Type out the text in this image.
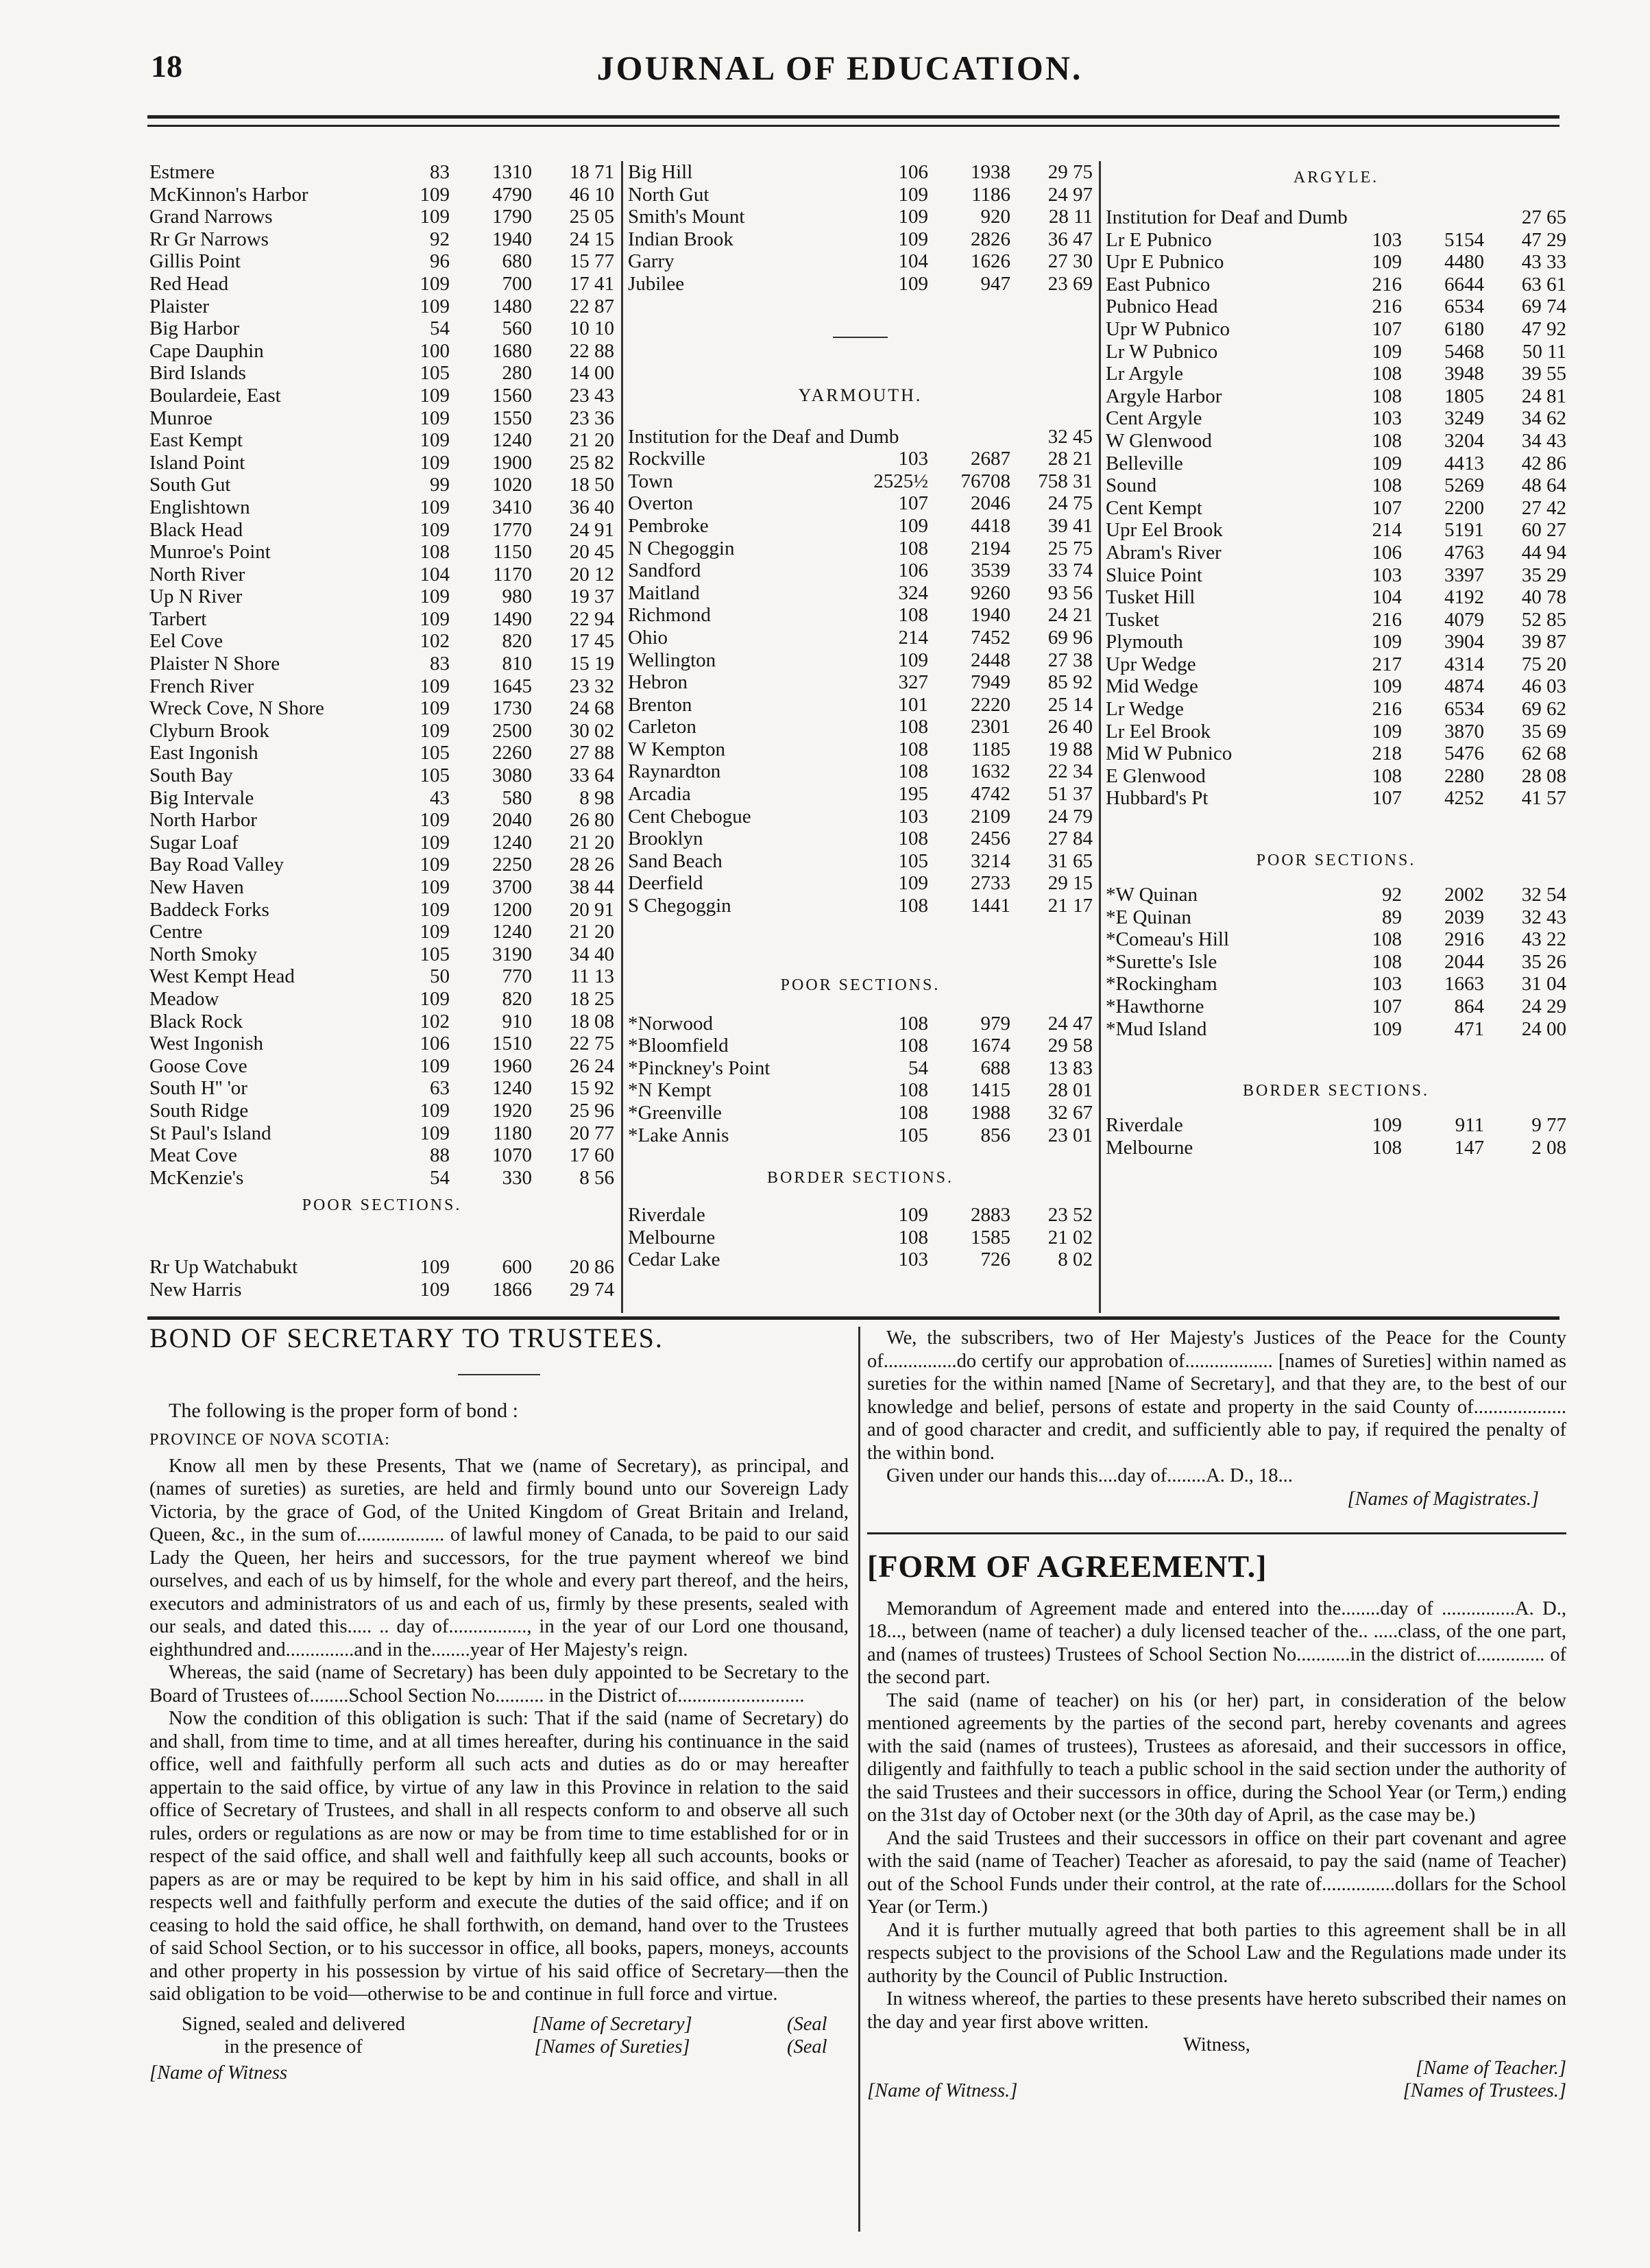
18	JOURNAL OF EDUCATION.
Estmere	83	1310	18 71
McKinnon's Harbor	109	4790	46 10
Grand Narrows	109	1790	25 05
Rr Gr Narrows	92	1940	24 15
Gillis Point	96	680	15 77
Red Head	109	700	17 41
Plaister	109	1480	22 87
Big Harbor	54	560	10 10
Cape Dauphin	100	1680	22 88
Bird Islands	105	280	14 00
Boulardeie, East	109	1560	23 43
Munroe	109	1550	23 36
East Kempt	109	1240	21 20
Island Point	109	1900	25 82
South Gut	99	1020	18 50
Englishtown	109	3410	36 40
Black Head	109	1770	24 91
Munroe's Point	108	1150	20 45
North River	104	1170	20 12
Up N River	109	980	19 37
Tarbert	109	1490	22 94
Eel Cove	102	820	17 45
Plaister N Shore	83	810	15 19
French River	109	1645	23 32
Wreck Cove, N Shore	109	1730	24 68
Clyburn Brook	109	2500	30 02
East Ingonish	105	2260	27 88
South Bay	105	3080	33 64
Big Intervale	43	580	8 98
North Harbor	109	2040	26 80
Sugar Loaf	109	1240	21 20
Bay Road Valley	109	2250	28 26
New Haven	109	3700	38 44
Baddeck Forks	109	1200	20 91
Centre	109	1240	21 20
North Smoky	105	3190	34 40
West Kempt Head	50	770	11 13
Meadow	109	820	18 25
Black Rock	102	910	18 08
West Ingonish	106	1510	22 75
Goose Cove	109	1960	26 24
South H'' 'or	63	1240	15 92
South Ridge	109	1920	25 96
St Paul's Island	109	1180	20 77
Meat Cove	88	1070	17 60
McKenzie's	54	330	8 56
POOR SECTIONS.
Rr Up Watchabukt	109	600	20 86
New Harris	109	1866	29 74
Big Hill	106	1938	29 75
North Gut	109	1186	24 97
Smith's Mount	109	920	28 11
Indian Brook	109	2826	36 47
Garry	104	1626	27 30
Jubilee	109	947	23 69
YARMOUTH.
Institution for the Deaf and Dumb	32 45
Rockville	103	2687	28 21
Town	2525½	76708	758 31
Overton	107	2046	24 75
Pembroke	109	4418	39 41
N Chegoggin	108	2194	25 75
Sandford	106	3539	33 74
Maitland	324	9260	93 56
Richmond	108	1940	24 21
Ohio	214	7452	69 96
Wellington	109	2448	27 38
Hebron	327	7949	85 92
Brenton	101	2220	25 14
Carleton	108	2301	26 40
W Kempton	108	1185	19 88
Raynardton	108	1632	22 34
Arcadia	195	4742	51 37
Cent Chebogue	103	2109	24 79
Brooklyn	108	2456	27 84
Sand Beach	105	3214	31 65
Deerfield	109	2733	29 15
S Chegoggin	108	1441	21 17
POOR SECTIONS.
*Norwood	108	979	24 47
*Bloomfield	108	1674	29 58
*Pinckney's Point	54	688	13 83
*N Kempt	108	1415	28 01
*Greenville	108	1988	32 67
*Lake Annis	105	856	23 01
BORDER SECTIONS.
Riverdale	109	2883	23 52
Melbourne	108	1585	21 02
Cedar Lake	103	726	8 02
ARGYLE.
Institution for Deaf and Dumb	27 65
Lr E Pubnico	103	5154	47 29
Upr E Pubnico	109	4480	43 33
East Pubnico	216	6644	63 61
Pubnico Head	216	6534	69 74
Upr W Pubnico	107	6180	47 92
Lr W Pubnico	109	5468	50 11
Lr Argyle	108	3948	39 55
Argyle Harbor	108	1805	24 81
Cent Argyle	103	3249	34 62
W Glenwood	108	3204	34 43
Belleville	109	4413	42 86
Sound	108	5269	48 64
Cent Kempt	107	2200	27 42
Upr Eel Brook	214	5191	60 27
Abram's River	106	4763	44 94
Sluice Point	103	3397	35 29
Tusket Hill	104	4192	40 78
Tusket	216	4079	52 85
Plymouth	109	3904	39 87
Upr Wedge	217	4314	75 20
Mid Wedge	109	4874	46 03
Lr Wedge	216	6534	69 62
Lr Eel Brook	109	3870	35 69
Mid W Pubnico	218	5476	62 68
E Glenwood	108	2280	28 08
Hubbard's Pt	107	4252	41 57
POOR SECTIONS.
*W Quinan	92	2002	32 54
*E Quinan	89	2039	32 43
*Comeau's Hill	108	2916	43 22
*Surette's Isle	108	2044	35 26
*Rockingham	103	1663	31 04
*Hawthorne	107	864	24 29
*Mud Island	109	471	24 00
BORDER SECTIONS.
Riverdale	109	911	9 77
Melbourne	108	147	2 08

BOND OF SECRETARY TO TRUSTEES.

The following is the proper form of bond :

PROVINCE OF NOVA SCOTIA:

Know all men by these Presents, That we (name of Secretary), as principal, and (names of sureties) as sureties, are held and firmly bound unto our Sovereign Lady Victoria, by the grace of God, of the United Kingdom of Great Britain and Ireland, Queen, &c., in the sum of.................. of lawful money of Canada, to be paid to our said Lady the Queen, her heirs and successors, for the true payment whereof we bind ourselves, and each of us by himself, for the whole and every part thereof, and the heirs, executors and administrators of us and each of us, firmly by these presents, sealed with our seals, and dated this..... .. day of................, in the year of our Lord one thousand, eighthundred and..............and in the........year of Her Majesty's reign.

Whereas, the said (name of Secretary) has been duly appointed to be Secretary to the Board of Trustees of........School Section No.......... in the District of..........................

Now the condition of this obligation is such: That if the said (name of Secretary) do and shall, from time to time, and at all times hereafter, during his continuance in the said office, well and faithfully perform all such acts and duties as do or may hereafter appertain to the said office, by virtue of any law in this Province in relation to the said office of Secretary of Trustees, and shall in all respects conform to and observe all such rules, orders or regulations as are now or may be from time to time established for or in respect of the said office, and shall well and faithfully keep all such accounts, books or papers as are or may be required to be kept by him in his said office, and shall in all respects well and faithfully perform and execute the duties of the said office; and if on ceasing to hold the said office, he shall forthwith, on demand, hand over to the Trustees of said School Section, or to his successor in office, all books, papers, moneys, accounts and other property in his possession by virtue of his said office of Secretary—then the said obligation to be void—otherwise to be and continue in full force and virtue.

Signed, sealed and delivered
in the presence of
[Name of Secretary]
[Names of Sureties]
(Seal
(Seal
[Name of Witness

We, the subscribers, two of Her Majesty's Justices of the Peace for the County of...............do certify our approbation of.................. [names of Sureties] within named as sureties for the within named [Name of Secretary], and that they are, to the best of our knowledge and belief, persons of estate and property in the said County of................... and of good character and credit, and sufficiently able to pay, if required the penalty of the within bond.

Given under our hands this....day of........A. D., 18...

[Names of Magistrates.]

[FORM OF AGREEMENT.]

Memorandum of Agreement made and entered into the........day of ...............A. D., 18..., between (name of teacher) a duly licensed teacher of the.. .....class, of the one part, and (names of trustees) Trustees of School Section No...........in the district of.............. of the second part.

The said (name of teacher) on his (or her) part, in consideration of the below mentioned agreements by the parties of the second part, hereby covenants and agrees with the said (names of trustees), Trustees as aforesaid, and their successors in office, diligently and faithfully to teach a public school in the said section under the authority of the said Trustees and their successors in office, during the School Year (or Term,) ending on the 31st day of October next (or the 30th day of April, as the case may be.)

And the said Trustees and their successors in office on their part covenant and agree with the said (name of Teacher) Teacher as aforesaid, to pay the said (name of Teacher) out of the School Funds under their control, at the rate of...............dollars for the School Year (or Term.)

And it is further mutually agreed that both parties to this agreement shall be in all respects subject to the provisions of the School Law and the Regulations made under its authority by the Council of Public Instruction.

In witness whereof, the parties to these presents have hereto subscribed their names on the day and year first above written.

Witness,
[Name of Witness.]
[Name of Teacher.]
[Names of Trustees.]
